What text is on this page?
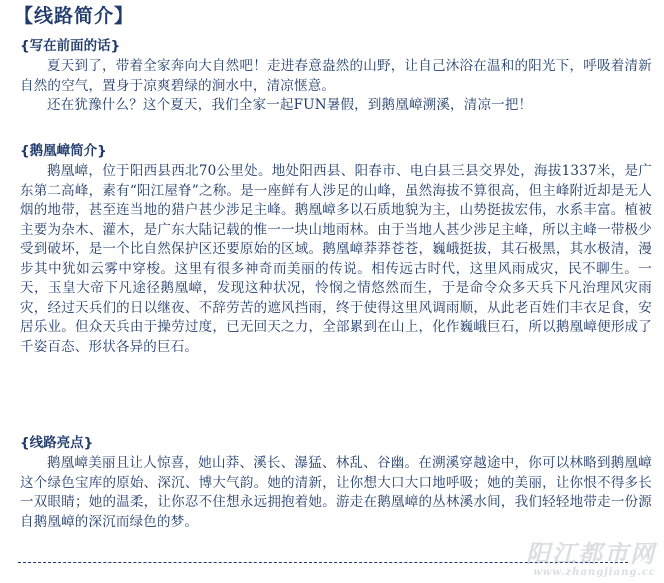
【线路简介】
{写在前面的话}

夏天到了，带着全家奔向大自然吧！走进春意盎然的山野，让自己沐浴在温和的阳光下，呼吸着清新自然的空气，置身于凉爽碧绿的涧水中，清凉惬意。

还在犹豫什么？这个夏天，我们全家一起FUN暑假，到鹅凰嶂溯溪，清凉一把！

{鹅凰嶂简介}

鹅凰嶂，位于阳西县西北70公里处。地处阳西县、阳春市、电白县三县交界处，海拔1337米，是广东第二高峰，素有“阳江屋脊”之称。是一座鲜有人涉足的山峰，虽然海拔不算很高，但主峰附近却是无人烟的地带，甚至连当地的猎户甚少涉足主峰。鹅凰嶂多以石质地貌为主，山势挺拔宏伟，水系丰富。植被主要为杂木、灌木，是广东大陆记载的惟一一块山地雨林。由于当地人甚少涉足主峰，所以主峰一带极少受到破坏，是一个比自然保护区还要原始的区域。鹅凰嶂莽莽苍苍，巍峨挺拔，其石极黑，其水极清，漫步其中犹如云雾中穿梭。这里有很多神奇而美丽的传说。相传远古时代，这里风雨成灾，民不聊生。一天，玉皇大帝下凡途径鹅凰嶂，发现这种状况，怜悯之情悠然而生，于是命令众多天兵下凡治理风灾雨灾，经过天兵们的日以继夜、不辞劳苦的遮风挡雨，终于使得这里风调雨顺，从此老百姓们丰衣足食，安居乐业。但众天兵由于操劳过度，已无回天之力，全部累到在山上，化作巍峨巨石，所以鹅凰嶂便形成了千姿百态、形状各异的巨石。

{线路亮点}

鹅凰嶂美丽且让人惊喜，她山莽、溪长、瀑猛、林乱、谷幽。在溯溪穿越途中，你可以林略到鹅凰嶂这个绿色宝库的原始、深沉、博大气韵。她的清新，让你想大口大口地呼吸；她的美丽，让你恨不得多长一双眼睛；她的温柔，让你忍不住想永远拥抱着她。游走在鹅凰嶂的丛林溪水间，我们轻轻地带走一份源自鹅凰嶂的深沉而绿色的梦。

阳江都市网
www.zhangjiang.cc
